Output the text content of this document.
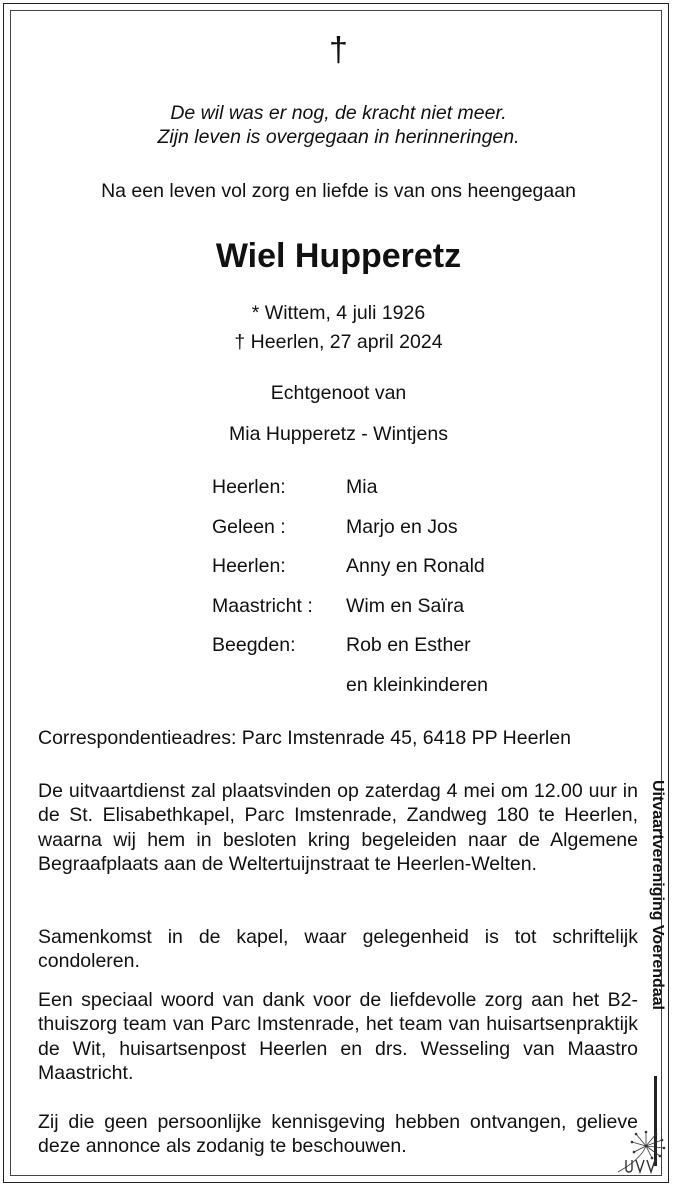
†
De wil was er nog, de kracht niet meer.
Zijn leven is overgegaan in herinneringen.
Na een leven vol zorg en liefde is van ons heengegaan
Wiel Hupperetz
* Wittem, 4 juli 1926
† Heerlen, 27 april 2024
Echtgenoot van
Mia Hupperetz - Wintjens
Heerlen:	Mia
Geleen :	Marjo en Jos
Heerlen:	Anny en Ronald
Maastricht : Wim en Saïra
Beegden:	Rob en Esther
en kleinkinderen
Correspondentieadres: Parc Imstenrade 45, 6418 PP Heerlen
De uitvaartdienst zal plaatsvinden op zaterdag 4 mei om 12.00 uur in de St. Elisabethkapel, Parc Imstenrade, Zandweg 180 te Heerlen, waarna wij hem in besloten kring begeleiden naar de Algemene Begraafplaats aan de Weltertuijnstraat te Heerlen-Welten.
Samenkomst in de kapel, waar gelegenheid is tot schriftelijk condoleren.
Een speciaal woord van dank voor de liefdevolle zorg aan het B2-thuiszorg team van Parc Imstenrade, het team van huisartsenpraktijk de Wit, huisartsenpost Heerlen en drs. Wesseling van Maastro Maastricht.
Zij die geen persoonlijke kennisgeving hebben ontvangen, gelieve deze annonce als zodanig te beschouwen.
Uitvaartvereniging Voerendaal
